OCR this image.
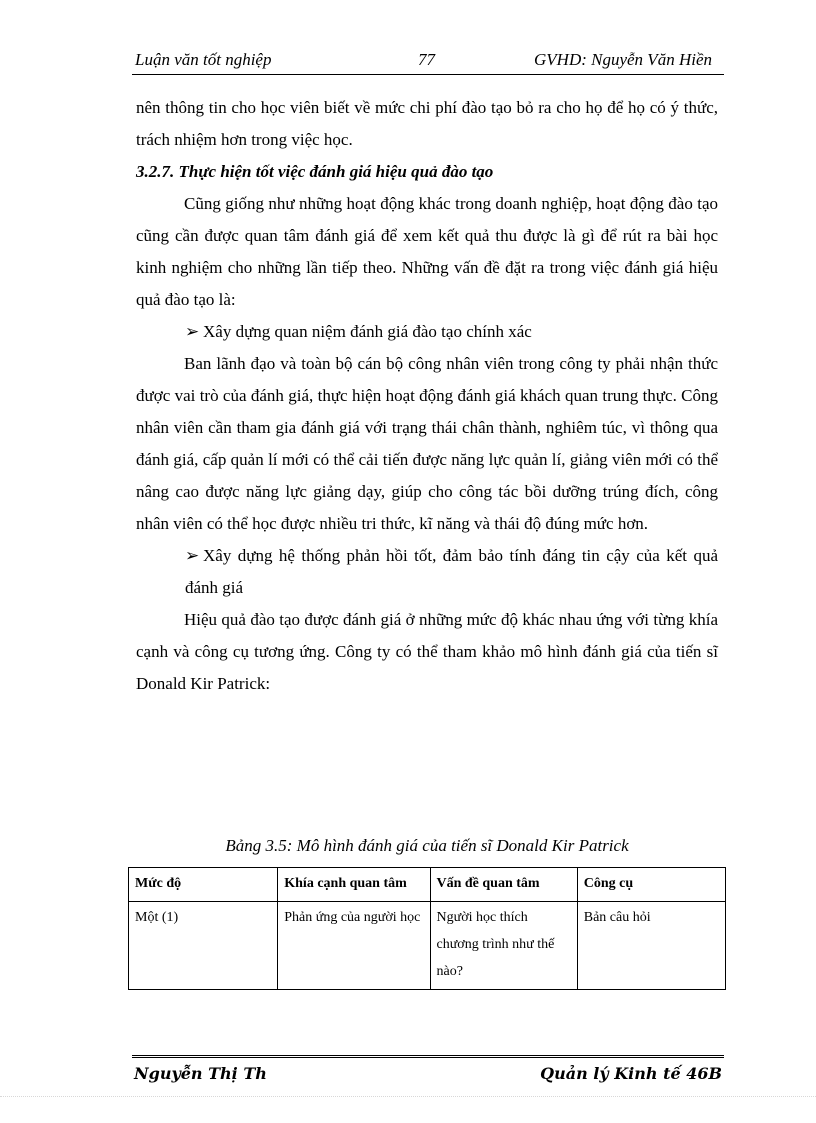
Luận văn tốt nghiệp	77	GVHD: Nguyễn Văn Hiền

nên thông tin cho học viên biết về mức chi phí đào tạo bỏ ra cho họ để họ có ý thức, trách nhiệm hơn trong việc học.

3.2.7. Thực hiện tốt việc đánh giá hiệu quả đào tạo

Cũng giống như những hoạt động khác trong doanh nghiệp, hoạt động đào tạo cũng cần được quan tâm đánh giá để xem kết quả thu được là gì để rút ra bài học kinh nghiệm cho những lần tiếp theo. Những vấn đề đặt ra trong việc đánh giá hiệu quả đào tạo là:

➢ Xây dựng quan niệm đánh giá đào tạo chính xác

Ban lãnh đạo và toàn bộ cán bộ công nhân viên trong công ty phải nhận thức được vai trò của đánh giá, thực hiện hoạt động đánh giá khách quan trung thực. Công nhân viên cần tham gia đánh giá với trạng thái chân thành, nghiêm túc, vì thông qua đánh giá, cấp quản lí mới có thể cải tiến được năng lực quản lí, giảng viên mới có thể nâng cao được năng lực giảng dạy, giúp cho công tác bồi dưỡng trúng đích, công nhân viên có thể học được nhiều tri thức, kĩ năng và thái độ đúng mức hơn.

➢ Xây dựng hệ thống phản hồi tốt, đảm bảo tính đáng tin cậy của kết quả đánh giá

Hiệu quả đào tạo được đánh giá ở những mức độ khác nhau ứng với từng khía cạnh và công cụ tương ứng. Công ty có thể tham khảo mô hình đánh giá của tiến sĩ Donald Kir Patrick:

Bảng 3.5: Mô hình đánh giá của tiến sĩ Donald Kir Patrick
Mức độ	Khía cạnh quan tâm	Vấn đề quan tâm	Công cụ
Một (1)	Phản ứng của người học	Người học thích chương trình như thế nào?	Bản câu hỏi
Nguyễn Thị Th	Quản lý Kinh tế 46B
